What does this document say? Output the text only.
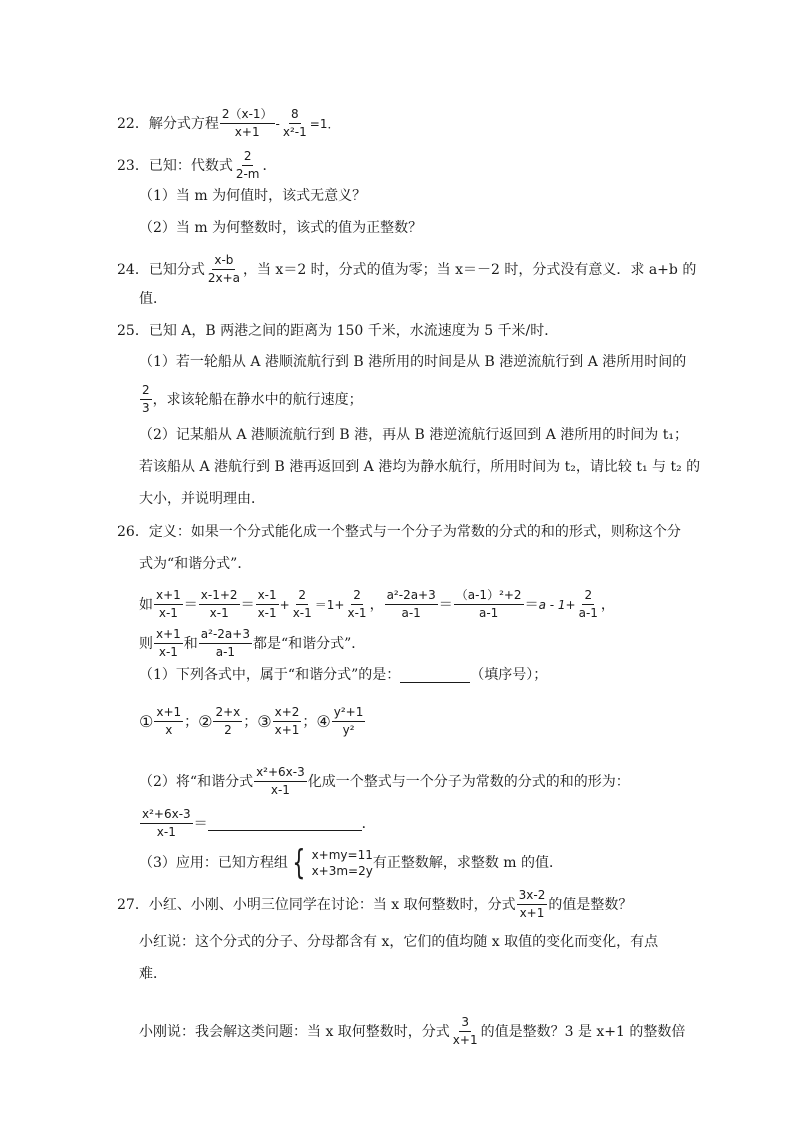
22． 解分式方程 $\frac{2(x-1)}{x+1} - \frac{8}{\text{x²-1}} =1$．
23． 已知：代数式 $\frac{2}{2-m}$ ．
（1）当 m 为何值时，该式无意义？
（2）当 m 为何整数时，该式的值为正整数？
24． 已知分式 $\frac{x-b}{2x+a}$ ，当 x＝2 时，分式的值为零；当 x＝－2 时，分式没有意义．求 a+b 的
值．
25． 已知 A，B 两港之间的距离为 150 千米，水流速度为 5 千米/时．
（1）若一轮船从 A 港顺流航行到 B 港所用的时间是从 B 港逆流航行到 A 港所用时间的
$\frac{2}{3}$ ，求该轮船在静水中的航行速度；
（2）记某船从 A 港顺流航行到 B 港，再从 B 港逆流航行返回到 A 港所用的时间为 t₁；
若该船从 A 港航行到 B 港再返回到 A 港均为静水航行，所用时间为 t₂，请比较 t₁ 与 t₂ 的
大小，并说明理由．
26． 定义：如果一个分式能化成一个整式与一个分子为常数的分式的和的形式，则称这个分
式为“和谐分式”．
如 $\frac{x+1}{x-1} = \frac{x-1+2}{x-1} = \frac{x-1}{x-1} + \frac{2}{x-1} = 1+ \frac{2}{x-1}$ ， $\frac{\text{a²-2a+3}}{a-1} = \frac{\text{（a-1）²+2}}{a-1} = a - 1+ \frac{2}{a-1}$ ，
则 $\frac{x+1}{x-1}$ 和 $\frac{\text{a²-2a+3}}{a-1}$ 都是“和谐分式”．
（1）下列各式中，属于“和谐分式”的是：	（填序号）；
① $\frac{x+1}{x}$ ； ② $\frac{2+x}{2}$ ； ③ $\frac{x+2}{x+1}$ ； ④ $\frac{\text{y²+1}}{\text{y²}}$
（2）将“和谐分式 $\frac{\text{x²+6x-3}}{x-1}$ 化成一个整式与一个分子为常数的分式的和的形为：
$\frac{\text{x²+6x-3}}{x-1}$ ＝	．
（3）应用：已知方程组 { x+my=11
x+3m=2y 有正整数解，求整数 m 的值．
27． 小红、小刚、小明三位同学在讨论：当 x 取何整数时，分式 $\frac{3x-2}{x+1}$ 的值是整数？
小红说：这个分式的分子、分母都含有 x，它们的值均随 x 取值的变化而变化，有点
难．
小刚说：我会解这类问题：当 x 取何整数时，分式 $\frac{3}{x+1}$ 的值是整数？3 是 x+1 的整数倍
